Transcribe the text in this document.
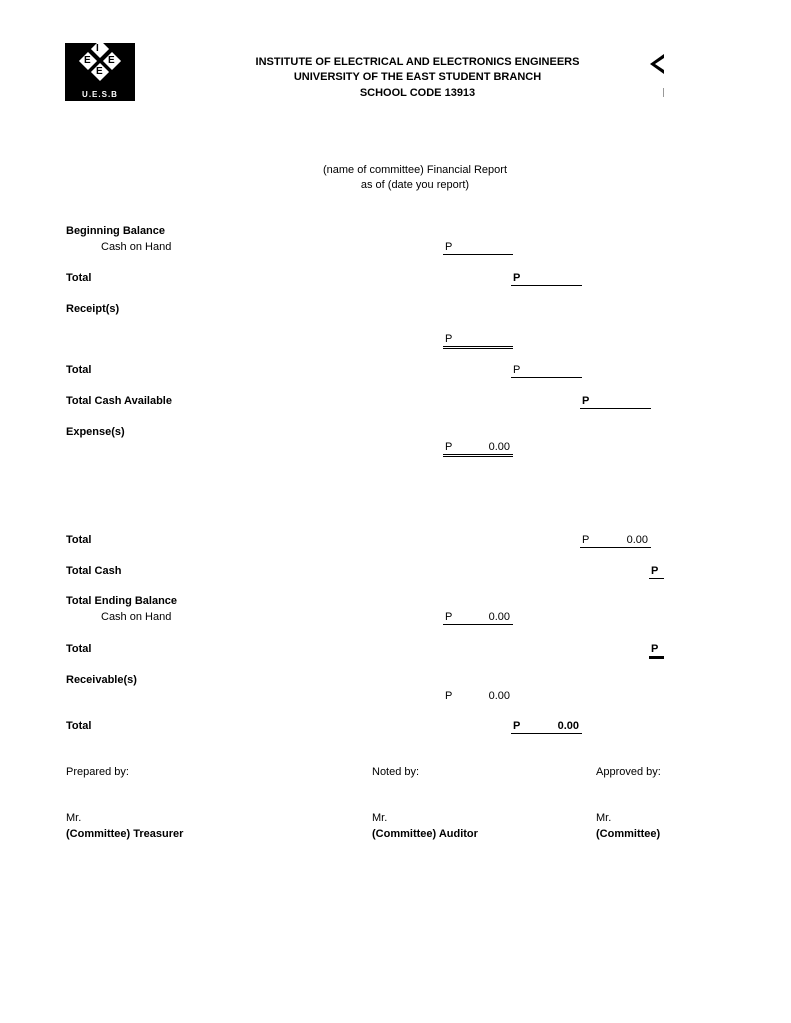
I
E E
E
U.E.S.B
INSTITUTE OF ELECTRICAL AND ELECTRONICS ENGINEERS
UNIVERSITY OF THE EAST STUDENT BRANCH
SCHOOL CODE 13913
(name of committee) Financial Report
as of (date you report)
Beginning Balance
Cash on Hand	P
Total	P
Receipt(s)
P
Total	P
Total Cash Available	P
Expense(s)
P	0.00
Total	P	0.00
Total Cash	P
Total Ending Balance
Cash on Hand	P	0.00
Total	P
Receivable(s)
P	0.00
Total	P	0.00
Prepared by:	Noted by:	Approved by:
Mr.	Mr.	Mr.
(Committee) Treasurer	(Committee) Auditor	(Committee)
